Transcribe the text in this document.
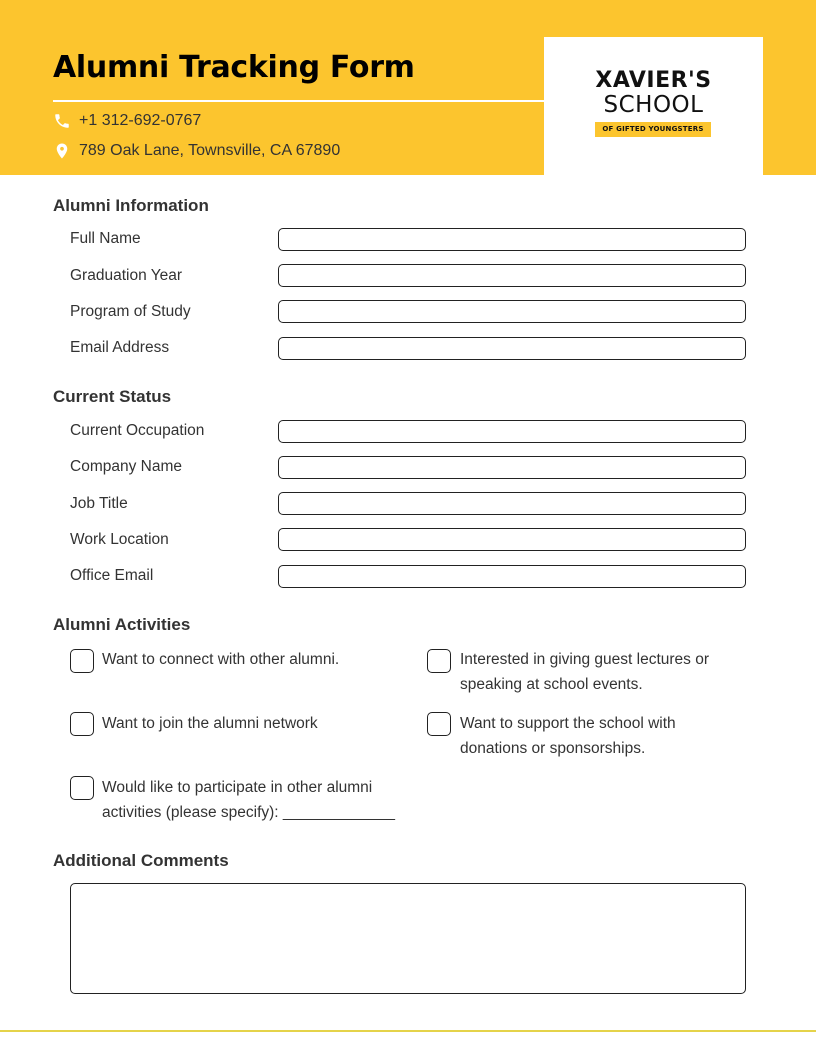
Alumni Tracking Form
+1 312-692-0767
789 Oak Lane, Townsville, CA 67890
XAVIER'S
SCHOOL
OF GIFTED YOUNGSTERS
Alumni Information
Full Name
Graduation Year
Program of Study
Email Address
Current Status
Current Occupation
Company Name
Job Title
Work Location
Office Email
Alumni Activities
Want to connect with other alumni.	Interested in giving guest lectures or speaking at school events.
Want to join the alumni network	Want to support the school with donations or sponsorships.
Would like to participate in other alumni activities (please specify): _____________
Additional Comments
